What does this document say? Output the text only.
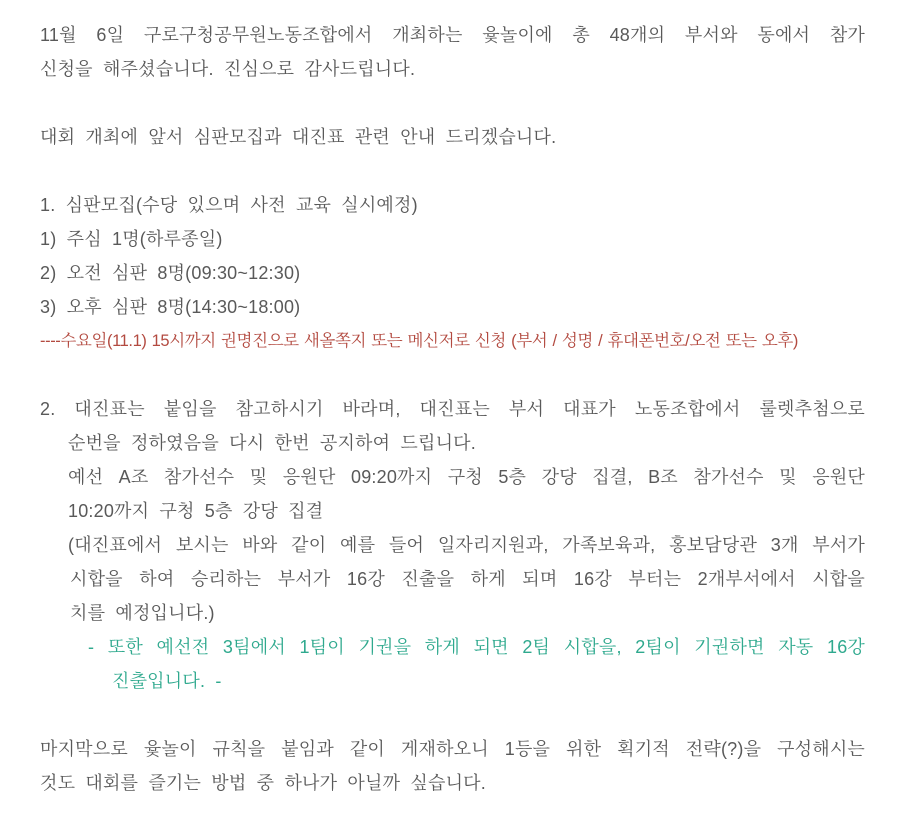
11월 6일 구로구청공무원노동조합에서 개최하는 윷놀이에 총 48개의 부서와 동에서 참가
신청을 해주셨습니다. 진심으로 감사드립니다.
대회 개최에 앞서 심판모집과 대진표 관련 안내 드리겠습니다.
1. 심판모집(수당 있으며 사전 교육 실시예정)
1) 주심 1명(하루종일)
2) 오전 심판 8명(09:30~12:30)
3) 오후 심판 8명(14:30~18:00)
----수요일(11.1) 15시까지 권명진으로 새올쪽지 또는 메신저로 신청 (부서 / 성명 / 휴대폰번호/오전 또는 오후)
2. 대진표는 붙임을 참고하시기 바라며, 대진표는 부서 대표가 노동조합에서 룰렛추첨으로
순번을 정하였음을 다시 한번 공지하여 드립니다.
예선 A조 참가선수 및 응원단 09:20까지 구청 5층 강당 집결, B조 참가선수 및 응원단
10:20까지 구청 5층 강당 집결
(대진표에서 보시는 바와 같이 예를 들어 일자리지원과, 가족보육과, 홍보담당관 3개 부서가
시합을 하여 승리하는 부서가 16강 진출을 하게 되며 16강 부터는 2개부서에서 시합을
치를 예정입니다.)
- 또한 예선전 3팀에서 1팀이 기권을 하게 되면 2팀 시합을, 2팀이 기권하면 자동 16강
진출입니다. -
마지막으로 윷놀이 규칙을 붙임과 같이 게재하오니 1등을 위한 획기적 전략(?)을 구성해시는
것도 대회를 즐기는 방법 중 하나가 아닐까 싶습니다.
